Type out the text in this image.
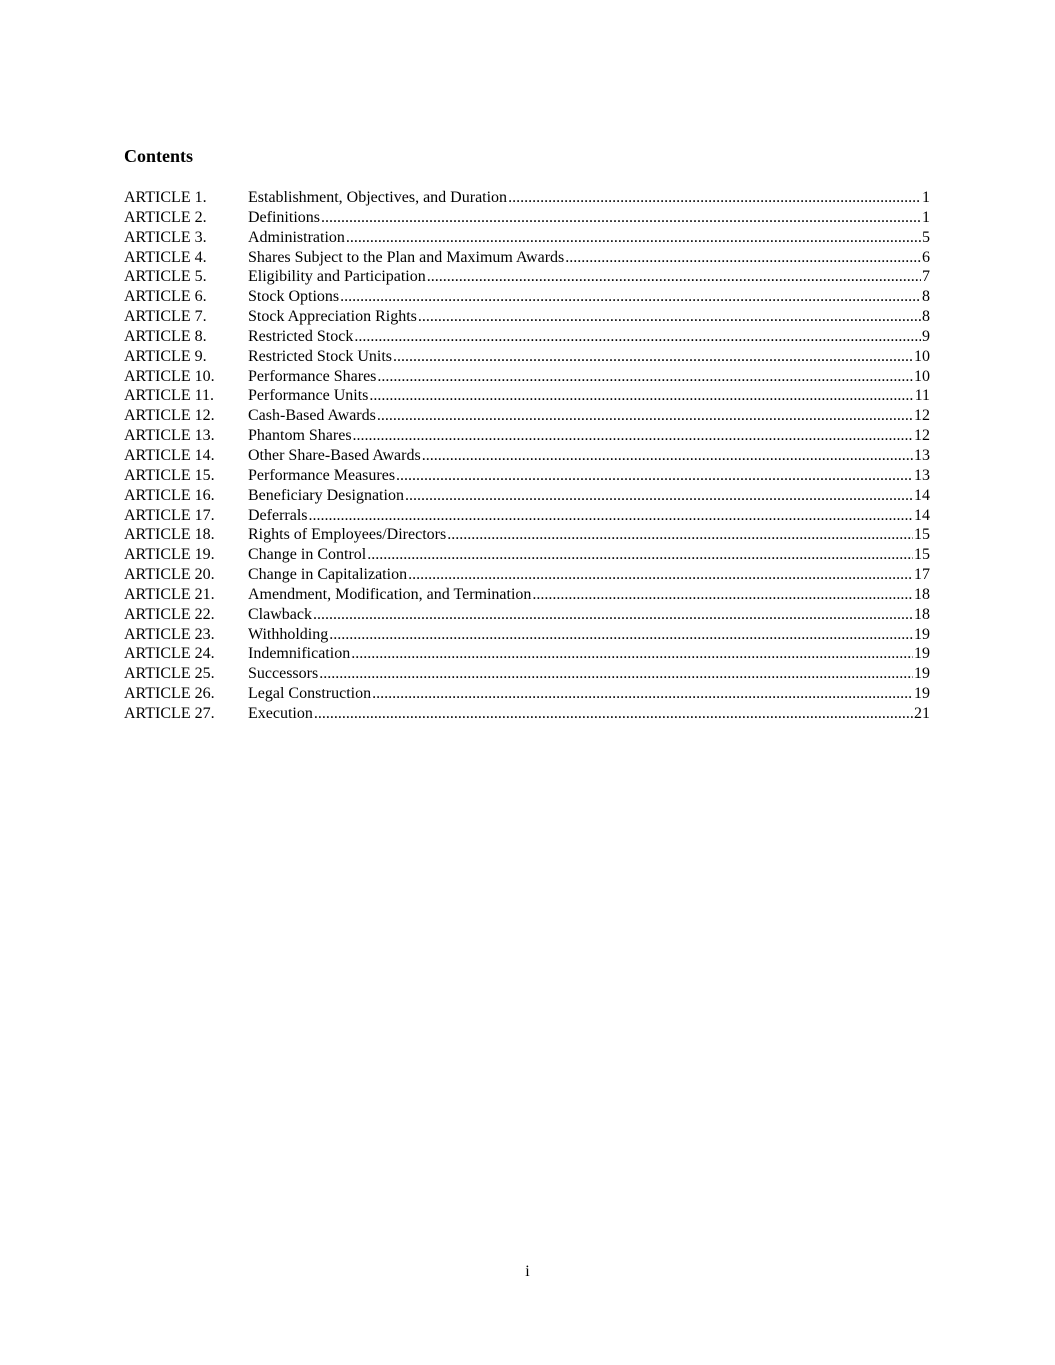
Contents
ARTICLE 1.	Establishment, Objectives, and Duration .....	1
ARTICLE 2.	Definitions .....	1
ARTICLE 3.	Administration .....	5
ARTICLE 4.	Shares Subject to the Plan and Maximum Awards .....	6
ARTICLE 5.	Eligibility and Participation .....	7
ARTICLE 6.	Stock Options .....	8
ARTICLE 7.	Stock Appreciation Rights .....	8
ARTICLE 8.	Restricted Stock .....	9
ARTICLE 9.	Restricted Stock Units .....	10
ARTICLE 10.	Performance Shares .....	10
ARTICLE 11.	Performance Units .....	11
ARTICLE 12.	Cash-Based Awards .....	12
ARTICLE 13.	Phantom Shares .....	12
ARTICLE 14.	Other Share-Based Awards .....	13
ARTICLE 15.	Performance Measures .....	13
ARTICLE 16.	Beneficiary Designation .....	14
ARTICLE 17.	Deferrals .....	14
ARTICLE 18.	Rights of Employees/Directors .....	15
ARTICLE 19.	Change in Control .....	15
ARTICLE 20.	Change in Capitalization .....	17
ARTICLE 21.	Amendment, Modification, and Termination .....	18
ARTICLE 22.	Clawback .....	18
ARTICLE 23.	Withholding .....	19
ARTICLE 24.	Indemnification .....	19
ARTICLE 25.	Successors .....	19
ARTICLE 26.	Legal Construction .....	19
ARTICLE 27.	Execution .....	21
i
